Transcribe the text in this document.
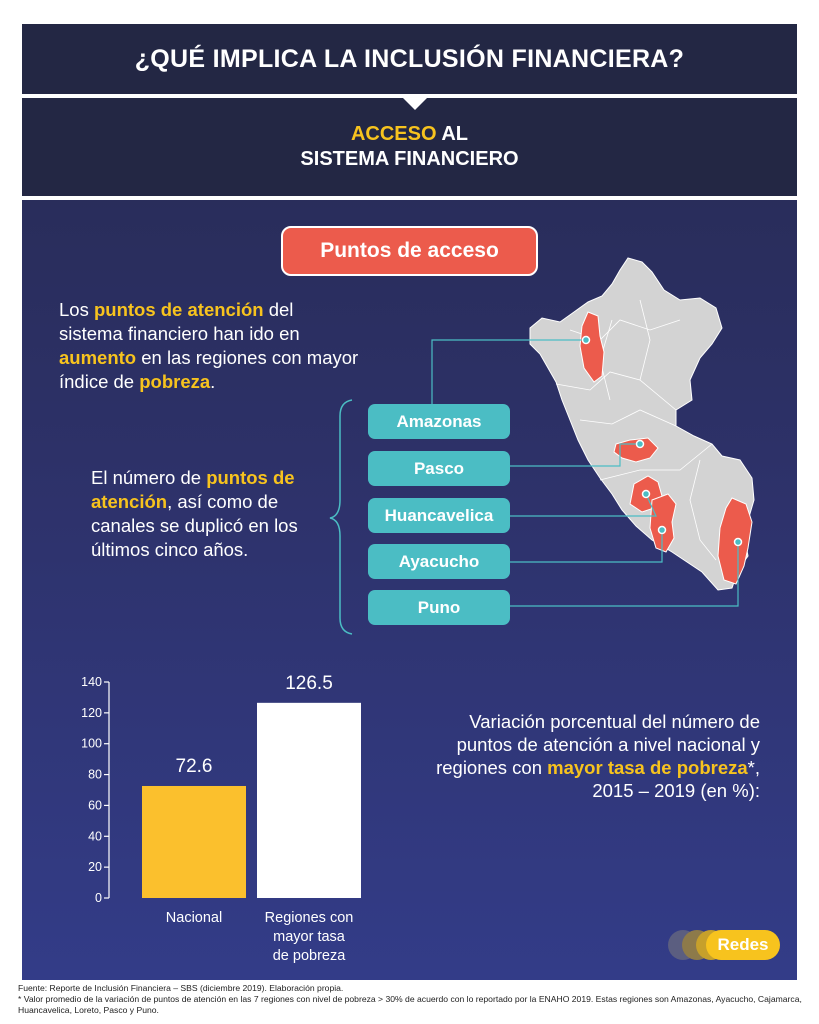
¿QUÉ IMPLICA LA INCLUSIÓN FINANCIERA?
ACCESO AL
SISTEMA FINANCIERO
Puntos de acceso
Los puntos de atención del sistema financiero han ido en aumento en las regiones con mayor índice de pobreza.
El número de puntos de atención, así como de canales se duplicó en los últimos cinco años.
Amazonas
Pasco
Huancavelica
Ayacucho
Puno
0
20
40
60
80
100
120
140
72.6
126.5
Nacional	Regiones con
mayor tasa
de pobreza
Variación porcentual del número de puntos de atención a nivel nacional y regiones con mayor tasa de pobreza*, 2015 – 2019 (en %):
Redes
Fuente: Reporte de Inclusión Financiera – SBS (diciembre 2019). Elaboración propia.
* Valor promedio de la variación de puntos de atención en las 7 regiones con nivel de pobreza > 30% de acuerdo con lo reportado por la ENAHO 2019. Estas regiones son Amazonas, Ayacucho, Cajamarca, Huancavelica, Loreto, Pasco y Puno.
